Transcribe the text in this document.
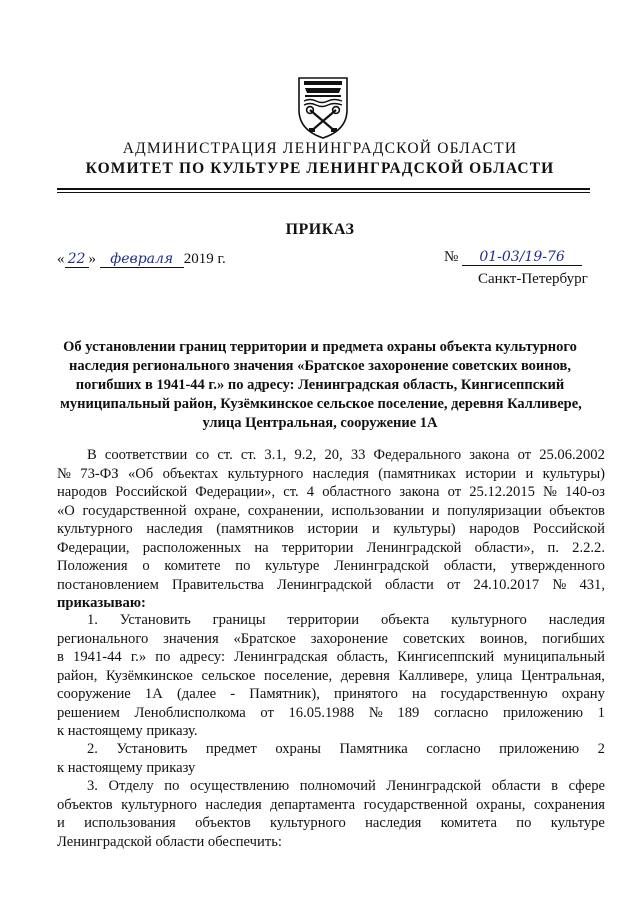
АДМИНИСТРАЦИЯ ЛЕНИНГРАДСКОЙ ОБЛАСТИ
КОМИТЕТ ПО КУЛЬТУРЕ ЛЕНИНГРАДСКОЙ ОБЛАСТИ
ПРИКАЗ
« 22 » февраля 2019 г.	№ 01-03/19-76
Санкт-Петербург
Об установлении границ территории и предмета охраны объекта культурного
наследия регионального значения «Братское захоронение советских воинов,
погибших в 1941-44 г.» по адресу: Ленинградская область, Кингисеппский
муниципальный район, Кузёмкинское сельское поселение, деревня Калливере,
улица Центральная, сооружение 1А
В соответствии со ст. ст. 3.1, 9.2, 20, 33 Федерального закона от 25.06.2002
№ 73-ФЗ «Об объектах культурного наследия (памятниках истории и культуры)
народов Российской Федерации», ст. 4 областного закона от 25.12.2015 № 140-оз
«О государственной охране, сохранении, использовании и популяризации объектов
культурного наследия (памятников истории и культуры) народов Российской
Федерации, расположенных на территории Ленинградской области», п. 2.2.2.
Положения о комитете по культуре Ленинградской области, утвержденного
постановлением Правительства Ленинградской области от 24.10.2017 № 431,
приказываю:
1. Установить границы территории объекта культурного наследия
регионального значения «Братское захоронение советских воинов, погибших
в 1941-44 г.» по адресу: Ленинградская область, Кингисеппский муниципальный
район, Кузёмкинское сельское поселение, деревня Калливере, улица Центральная,
сооружение 1А (далее - Памятник), принятого на государственную охрану
решением Леноблисполкома от 16.05.1988 № 189 согласно приложению 1
к настоящему приказу.
2. Установить предмет охраны Памятника согласно приложению 2
к настоящему приказу
3. Отделу по осуществлению полномочий Ленинградской области в сфере
объектов культурного наследия департамента государственной охраны, сохранения
и использования объектов культурного наследия комитета по культуре
Ленинградской области обеспечить:
